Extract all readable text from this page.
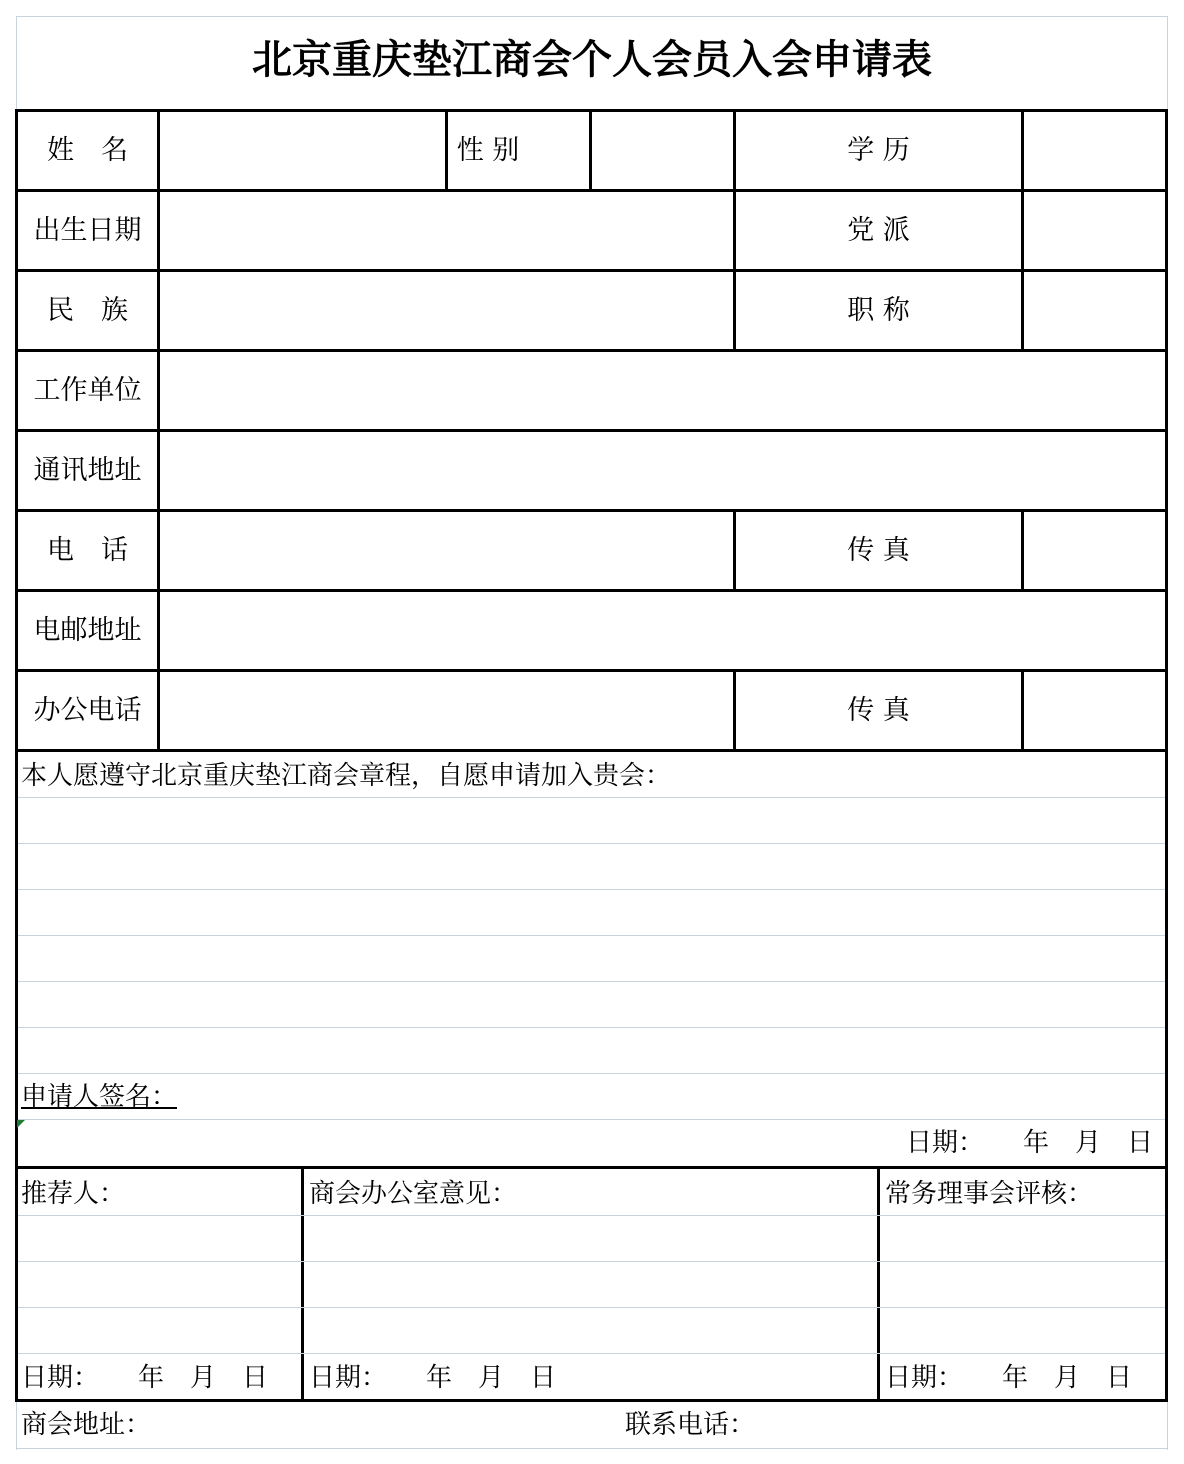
北京重庆垫江商会个人会员入会申请表
姓　名	性 别	学 历
出生日期	党 派
民　族	职 称
工作单位
通讯地址
电　话	传 真
电邮地址
办公电话	传 真
本人愿遵守北京重庆垫江商会章程，自愿申请加入贵会：
申请人签名：
日期：　　年　月　日
推荐人：	商会办公室意见：	常务理事会评核：
日期：　　年　月　日 日期：　　年　月　日	日期：　　年　月　日
商会地址：	联系电话：
